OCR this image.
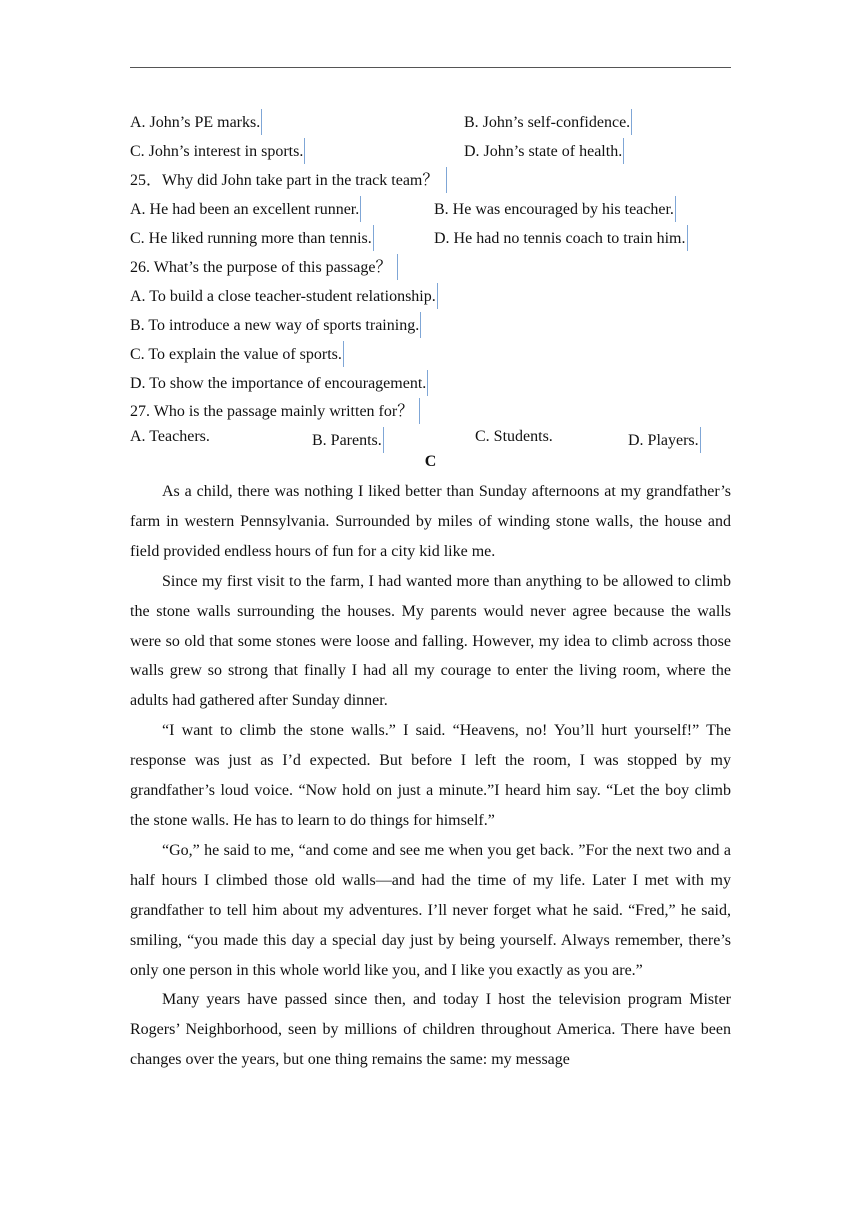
A. John’s PE marks.	B. John’s self-confidence.
C. John’s interest in sports.	D. John’s state of health.
25．Why did John take part in the track team？
A. He had been an excellent runner.	B. He was encouraged by his teacher.
C. He liked running more than tennis.	D. He had no tennis coach to train him.
26. What’s the purpose of this passage？
A. To build a close teacher-student relationship.
B. To introduce a new way of sports training.
C. To explain the value of sports.
D. To show the importance of encouragement.
27. Who is the passage mainly written for？
A. Teachers.	B. Parents.	C. Students.	D. Players.
C

As a child, there was nothing I liked better than Sunday afternoons at my grandfather’s farm in western Pennsylvania. Surrounded by miles of winding stone walls, the house and field provided endless hours of fun for a city kid like me.

Since my first visit to the farm, I had wanted more than anything to be allowed to climb the stone walls surrounding the houses. My parents would never agree because the walls were so old that some stones were loose and falling. However, my idea to climb across those walls grew so strong that finally I had all my courage to enter the living room, where the adults had gathered after Sunday dinner.

“I want to climb the stone walls.” I said. “Heavens, no! You’ll hurt yourself!” The response was just as I’d expected. But before I left the room, I was stopped by my grandfather’s loud voice. “Now hold on just a minute.”I heard him say. “Let the boy climb the stone walls. He has to learn to do things for himself.”

“Go,” he said to me, “and come and see me when you get back. ”For the next two and a half hours I climbed those old walls—and had the time of my life. Later I met with my grandfather to tell him about my adventures. I’ll never forget what he said. “Fred,” he said, smiling, “you made this day a special day just by being yourself. Always remember, there’s only one person in this whole world like you, and I like you exactly as you are.”

Many years have passed since then, and today I host the television program Mister Rogers’ Neighborhood, seen by millions of children throughout America. There have been changes over the years, but one thing remains the same: my message
